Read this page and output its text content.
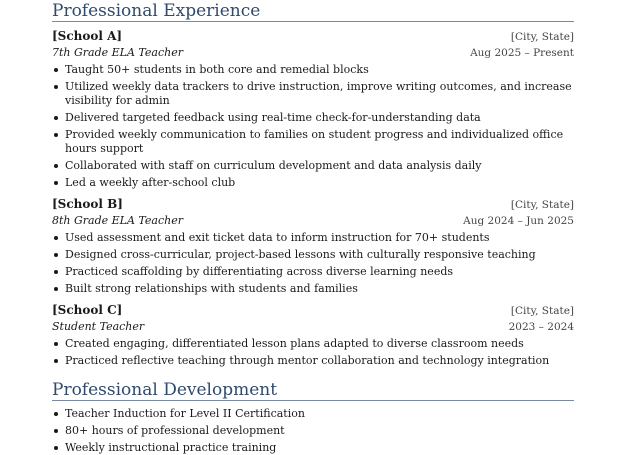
Professional Experience
[School A]	[City, State]
7th Grade ELA Teacher	Aug 2025 – Present
Taught 50+ students in both core and remedial blocks
Utilized weekly data trackers to drive instruction, improve writing outcomes, and increase visibility for admin
Delivered targeted feedback using real-time check-for-understanding data
Provided weekly communication to families on student progress and individualized office hours support
Collaborated with staff on curriculum development and data analysis daily
Led a weekly after-school club
[School B]	[City, State]
8th Grade ELA Teacher	Aug 2024 – Jun 2025
Used assessment and exit ticket data to inform instruction for 70+ students
Designed cross-curricular, project-based lessons with culturally responsive teaching
Practiced scaffolding by differentiating across diverse learning needs
Built strong relationships with students and families
[School C]	[City, State]
Student Teacher	2023 – 2024
Created engaging, differentiated lesson plans adapted to diverse classroom needs
Practiced reflective teaching through mentor collaboration and technology integration
Professional Development
Teacher Induction for Level II Certification
80+ hours of professional development
Weekly instructional practice training
